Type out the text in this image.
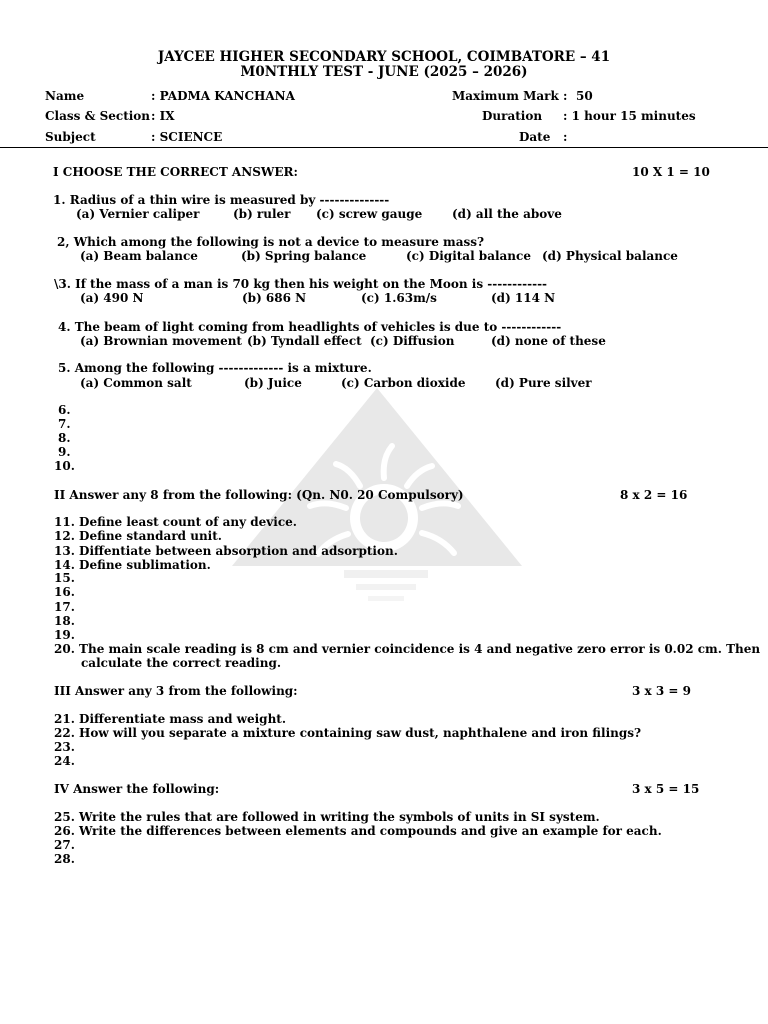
JAYCEE HIGHER SECONDARY SCHOOL, COIMBATORE – 41
M0NTHLY TEST - JUNE (2025 – 2026)
Name	: PADMA KANCHANA	Maximum Mark : 50
Class & Section : IX	Duration : 1 hour 15 minutes
Subject	: SCIENCE	Date :
I CHOOSE THE CORRECT ANSWER:	10 X 1 = 10
1. Radius of a thin wire is measured by --------------
(a) Vernier caliper	(b) ruler (c) screw gauge (d) all the above
2, Which among the following is not a device to measure mass?
(a) Beam balance	(b) Spring balance	(c) Digital balance (d) Physical balance
\3. If the mass of a man is 70 kg then his weight on the Moon is ------------
(a) 490 N	(b) 686 N	(c) 1.63m/s	(d) 114 N
4. The beam of light coming from headlights of vehicles is due to ------------
(a) Brownian movement (b) Tyndall effect (c) Diffusion	(d) none of these
5. Among the following ------------- is a mixture.
(a) Common salt	(b) Juice	(c) Carbon dioxide (d) Pure silver
6.
7.
8.
9.
10.
II Answer any 8 from the following: (Qn. N0. 20 Compulsory)	8 x 2 = 16
11. Define least count of any device.
12. Define standard unit.
13. Diffentiate between absorption and adsorption.
14. Define sublimation.
15.
16.
17.
18.
19.
20. The main scale reading is 8 cm and vernier coincidence is 4 and negative zero error is 0.02 cm. Then
calculate the correct reading.
III Answer any 3 from the following:	3 x 3 = 9
21. Differentiate mass and weight.
22. How will you separate a mixture containing saw dust, naphthalene and iron filings?
23.
24.
IV Answer the following:	3 x 5 = 15
25. Write the rules that are followed in writing the symbols of units in SI system.
26. Write the differences between elements and compounds and give an example for each.
27.
28.
